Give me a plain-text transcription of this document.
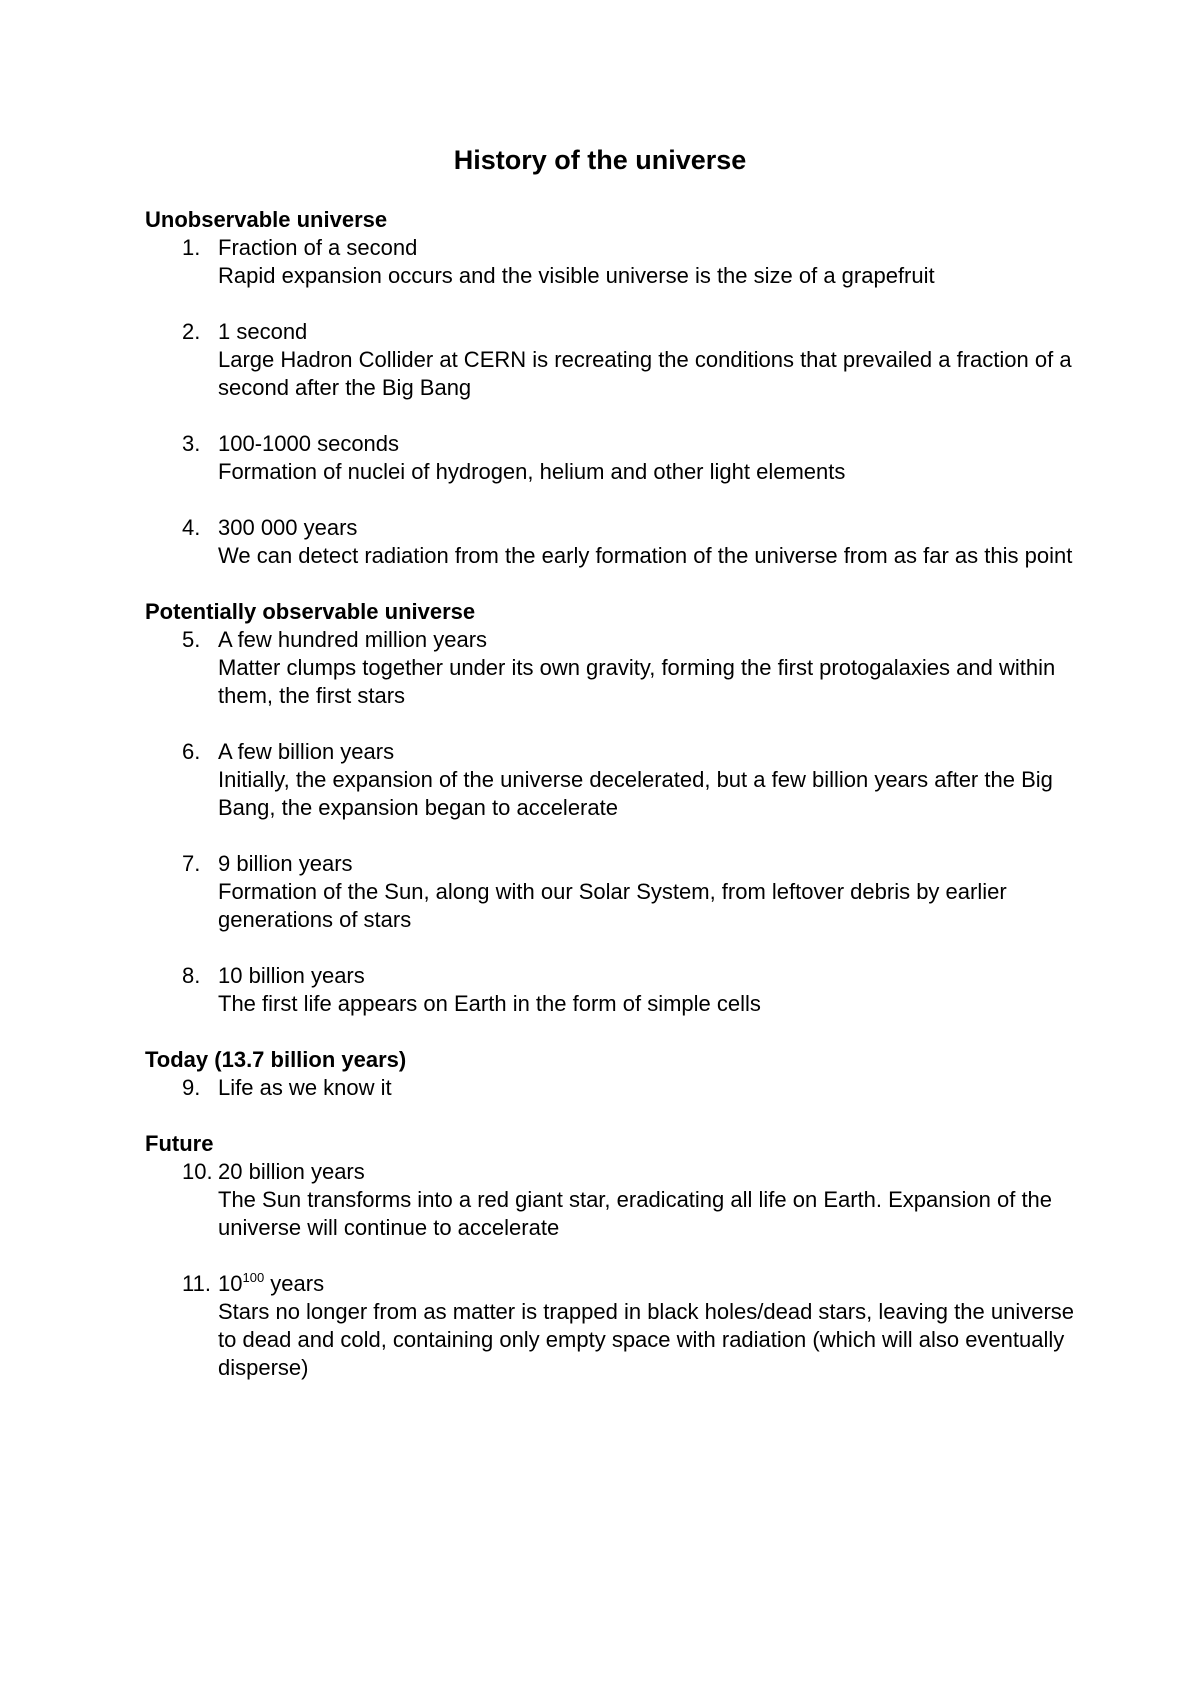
History of the universe
Unobservable universe
1. Fraction of a second
Rapid expansion occurs and the visible universe is the size of a grapefruit
2. 1 second
Large Hadron Collider at CERN is recreating the conditions that prevailed a fraction of a second after the Big Bang
3. 100-1000 seconds
Formation of nuclei of hydrogen, helium and other light elements
4. 300 000 years
We can detect radiation from the early formation of the universe from as far as this point
Potentially observable universe
5. A few hundred million years
Matter clumps together under its own gravity, forming the first protogalaxies and within them, the first stars
6. A few billion years
Initially, the expansion of the universe decelerated, but a few billion years after the Big Bang, the expansion began to accelerate
7. 9 billion years
Formation of the Sun, along with our Solar System, from leftover debris by earlier generations of stars
8. 10 billion years
The first life appears on Earth in the form of simple cells
Today (13.7 billion years)
9. Life as we know it
Future
10. 20 billion years
The Sun transforms into a red giant star, eradicating all life on Earth. Expansion of the universe will continue to accelerate
11. $10^{100}$ years
Stars no longer from as matter is trapped in black holes/dead stars, leaving the universe to dead and cold, containing only empty space with radiation (which will also eventually disperse)
